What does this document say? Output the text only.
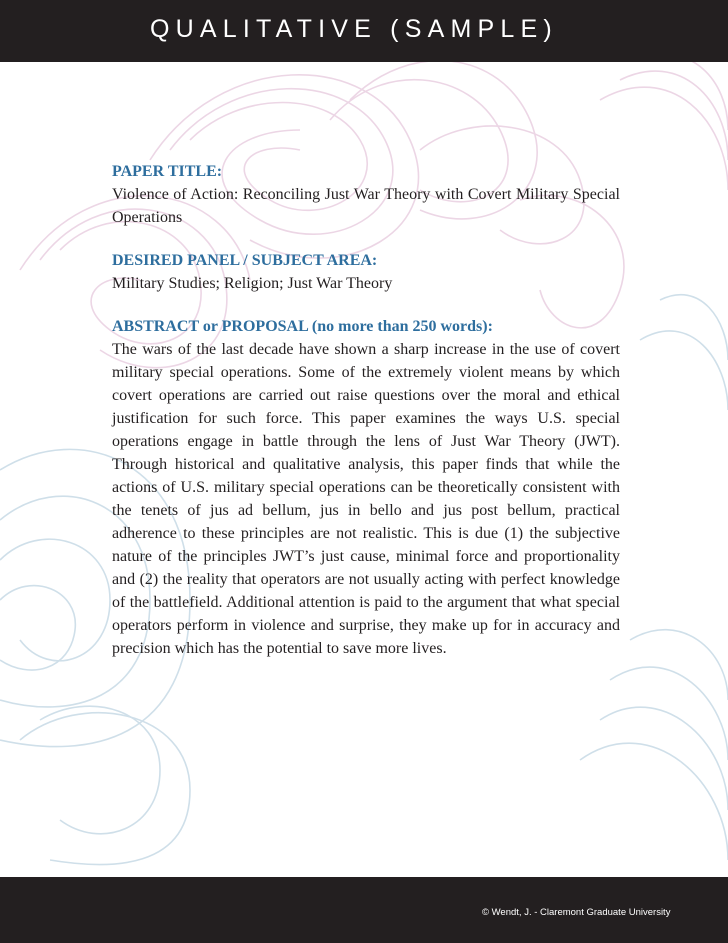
QUALITATIVE (SAMPLE)

PAPER TITLE:

Violence of Action: Reconciling Just War Theory with Covert Military Special Operations

DESIRED PANEL / SUBJECT AREA:

Military Studies; Religion; Just War Theory

ABSTRACT or PROPOSAL (no more than 250 words):

The wars of the last decade have shown a sharp increase in the use of covert military special operations. Some of the extremely violent means by which covert operations are carried out raise questions over the moral and ethical justification for such force. This paper examines the ways U.S. special operations engage in battle through the lens of Just War Theory (JWT). Through historical and qualitative analysis, this paper finds that while the actions of U.S. military special operations can be theoretically consistent with the tenets of jus ad bellum, jus in bello and jus post bellum, practical adherence to these principles are not realistic. This is due (1) the subjective nature of the principles JWT’s just cause, minimal force and proportionality and (2) the reality that operators are not usually acting with perfect knowledge of the battlefield. Additional attention is paid to the argument that what special operators perform in violence and surprise, they make up for in accuracy and precision which has the potential to save more lives.

© Wendt, J. - Claremont Graduate University
